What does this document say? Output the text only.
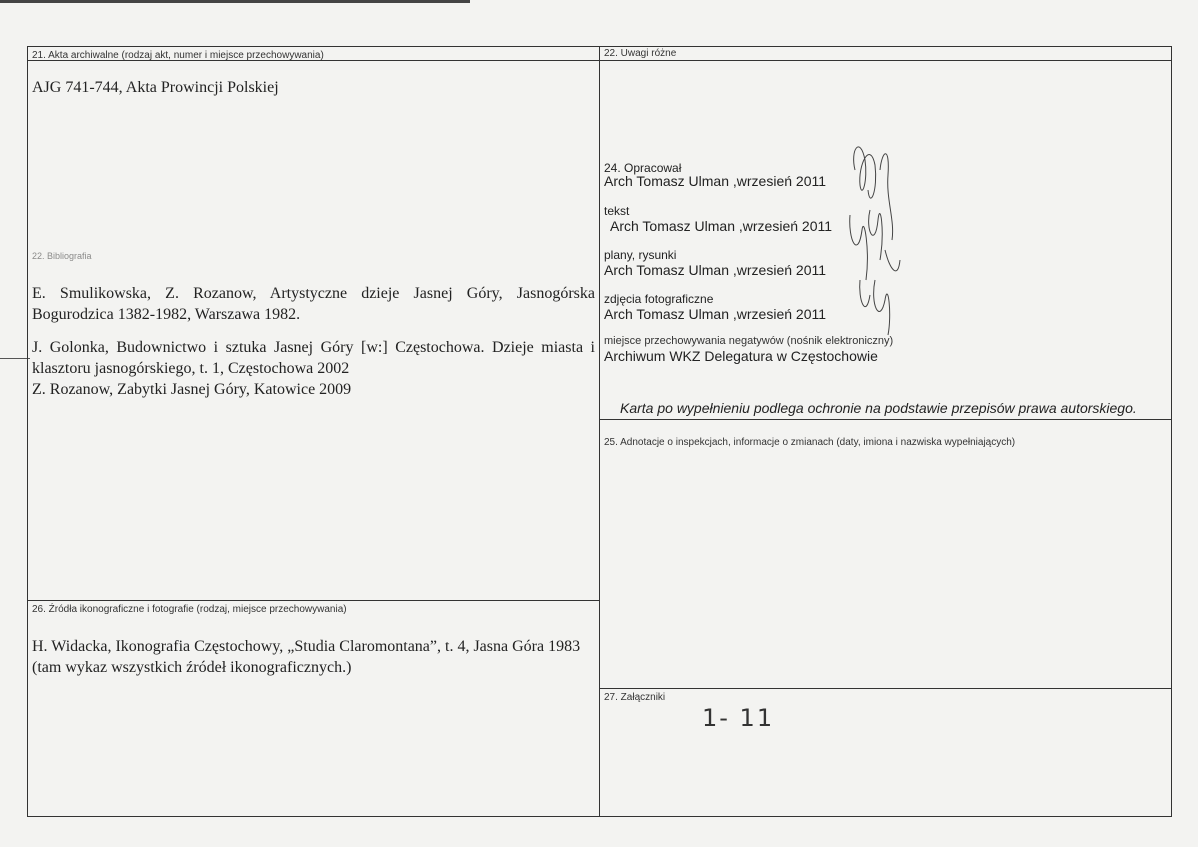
21. Akta archiwalne (rodzaj akt, numer i miejsce przechowywania)
AJG 741-744, Akta Prowincji Polskiej
22. Uwagi różne
22. Bibliografia

E. Smulikowska, Z. Rozanow, Artystyczne dzieje Jasnej Góry, Jasnogórska Bogurodzica 1382-1982, Warszawa 1982.

J. Golonka, Budownictwo i sztuka Jasnej Góry [w:] Częstochowa. Dzieje miasta i klasztoru jasnogórskiego, t. 1, Częstochowa 2002

Z. Rozanow, Zabytki Jasnej Góry, Katowice 2009

24. Opracował
Arch Tomasz Ulman ,wrzesień 2011
tekst
Arch Tomasz Ulman ,wrzesień 2011
plany, rysunki
Arch Tomasz Ulman ,wrzesień 2011
zdjęcia fotograficzne
Arch Tomasz Ulman ,wrzesień 2011
miejsce przechowywania negatywów (nośnik elektroniczny)
Archiwum WKZ Delegatura w Częstochowie
Karta po wypełnieniu podlega ochronie na podstawie przepisów prawa autorskiego.
25. Adnotacje o inspekcjach, informacje o zmianach (daty, imiona i nazwiska wypełniających)
26. Źródła ikonograficzne i fotografie (rodzaj, miejsce przechowywania)
H. Widacka, Ikonografia Częstochowy, „Studia Claromontana”, t. 4, Jasna Góra 1983 (tam wykaz wszystkich źródeł ikonograficznych.)
27. Załączniki
1- 11
